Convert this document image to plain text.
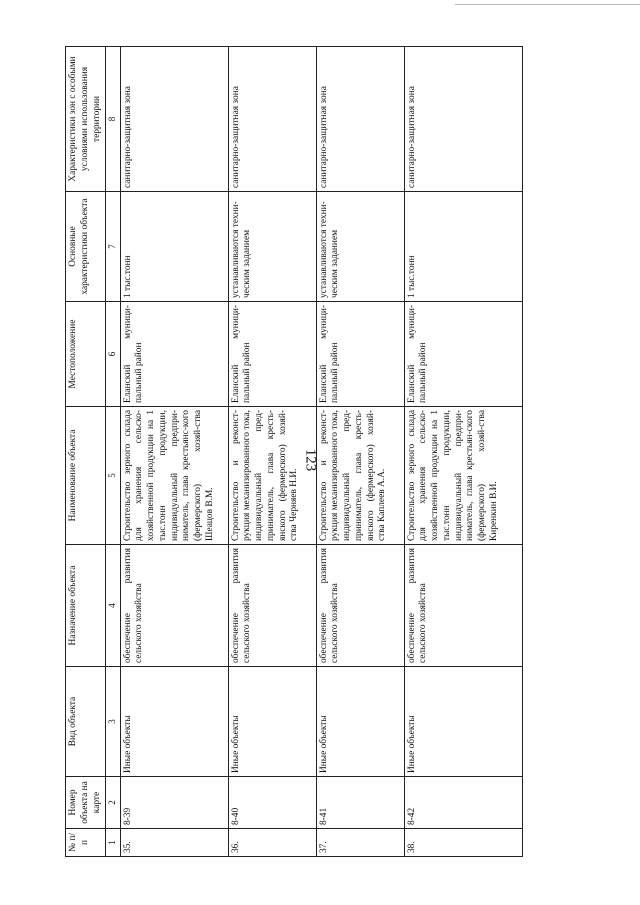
123
№ п/п	Номер объекта на карте	Вид объекта	Назначение объекта	Наименование объекта	Местоположение	Основные характеристики объекта	Характеристики зон с особыми условиями использования территории
1	2	3	4	5	6	7	8
35.	8-39	Иные объекты	обеспечение развития сельского хозяйства	Строительство зерного склада для хранения сельско-хозяйственной продукции на 1 тыс.тонн продукции, индивидуальный предпри-ниматель, глава крестьянс-кого (фермерского) хозяй-ства Шеацов В.М.	Еланский муници-пальный район	1 тыс.тонн	санитарно-защитная зона
36.	8-40	Иные объекты	обеспечение развития сельского хозяйства	Строительство и реконст-рукция механизированного тока, индивидуальный пред-приниматель, глава кресть-янского (фермерского) хозяй-ства Черняев Н.И.	Еланский муници-пальный район	устанавливаются техни-ческим заданием	санитарно-защитная зона
37.	8-41	Иные объекты	обеспечение развития сельского хозяйства	Строительство и реконст-рукция механизированного тока, индивидуальный пред-приниматель, глава кресть-янского (фермерского) хозяй-ства Каплеев А.А.	Еланский муници-пальный район	устанавливаются техни-ческим заданием	санитарно-защитная зона
38.	8-42	Иные объекты	обеспечение развития сельского хозяйства	Строительство зерного склада для хранения сельско-хозяйственной продукции на 1 тыс.тонн продукции, индивидуальный предпри-ниматель, глава крестьян-ского (фермерского) хозяй-ства Киренкин В.И.	Еланский муници-пальный район	1 тыс.тонн	санитарно-защитная зона
